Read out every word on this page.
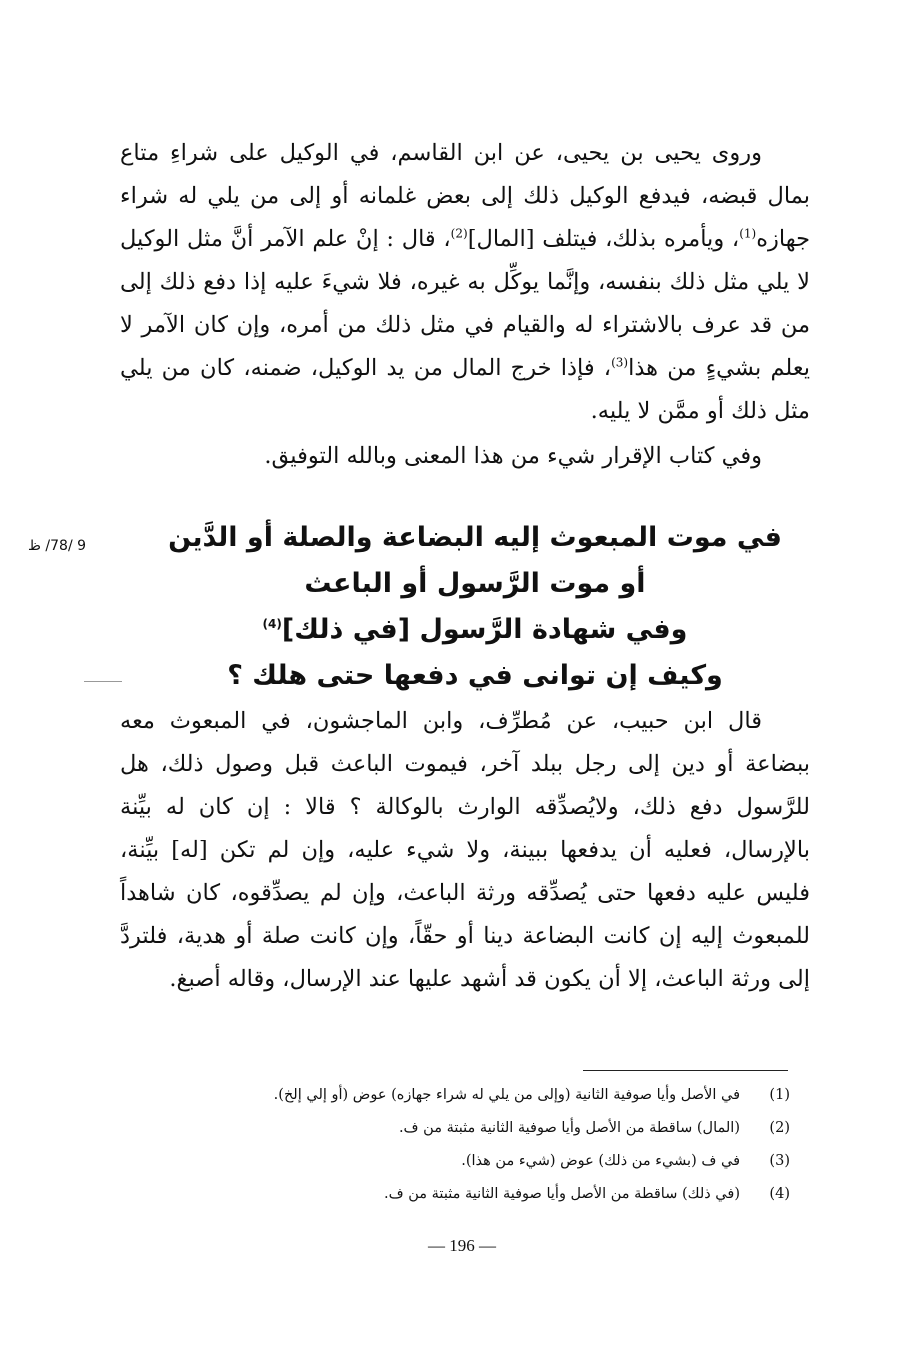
وروى يحيى بن يحيى، عن ابن القاسم، في الوكيل على شراءِ متاع بمال قبضه، فيدفع الوكيل ذلك إلى بعض غلمانه أو إلى من يلي له شراء جهازه$^{(1)}$، ويأمره بذلك، فيتلف [المال]$^{(2)}$، قال : إنْ علم الآمر أنَّ مثل الوكيل لا يلي مثل ذلك بنفسه، وإنَّما يوكِّل به غيره، فلا شيءَ عليه إذا دفع ذلك إلى من قد عرف بالاشتراء له والقيام في مثل ذلك من أمره، وإن كان الآمر لا يعلم بشيءٍ من هذا$^{(3)}$، فإذا خرج المال من يد الوكيل، ضمنه، كان من يلي مثل ذلك أو ممَّن لا يليه.
وفي كتاب الإقرار شيء من هذا المعنى وبالله التوفيق.
9 /78/ ظ	في موت المبعوث إليه البضاعة والصلة أو الدَّين
أو موت الرَّسول أو الباعث
وفي شهادة الرَّسول [في ذلك]$^{(4)}$
وكيف إن توانى في دفعها حتى هلك ؟
قال ابن حبيب، عن مُطرِّف، وابن الماجشون، في المبعوث معه ببضاعة أو دين إلى رجل ببلد آخر، فيموت الباعث قبل وصول ذلك، هل للرَّسول دفع ذلك، ولايُصدِّقه الوارث بالوكالة ؟ قالا : إن كان له بيِّنة بالإرسال، فعليه أن يدفعها ببينة، ولا شيء عليه، وإن لم تكن [له] بيِّنة، فليس عليه دفعها حتى يُصدِّقه ورثة الباعث، وإن لم يصدِّقوه، كان شاهداً للمبعوث إليه إن كانت البضاعة دينا أو حقّاً، وإن كانت صلة أو هدية، فلتردَّ إلى ورثة الباعث، إلا أن يكون قد أشهد عليها عند الإرسال، وقاله أصبغ.
(1)في الأصل وأيا صوفية الثانية (وإلى من يلي له شراء جهازه) عوض (أو إلي إلخ).
(2)(المال) ساقطة من الأصل وأيا صوفية الثانية مثبتة من ف.
(3)في ف (بشيء من ذلك) عوض (شيء من هذا).
(4)(في ذلك) ساقطة من الأصل وأيا صوفية الثانية مثبتة من ف.
— 196 —
